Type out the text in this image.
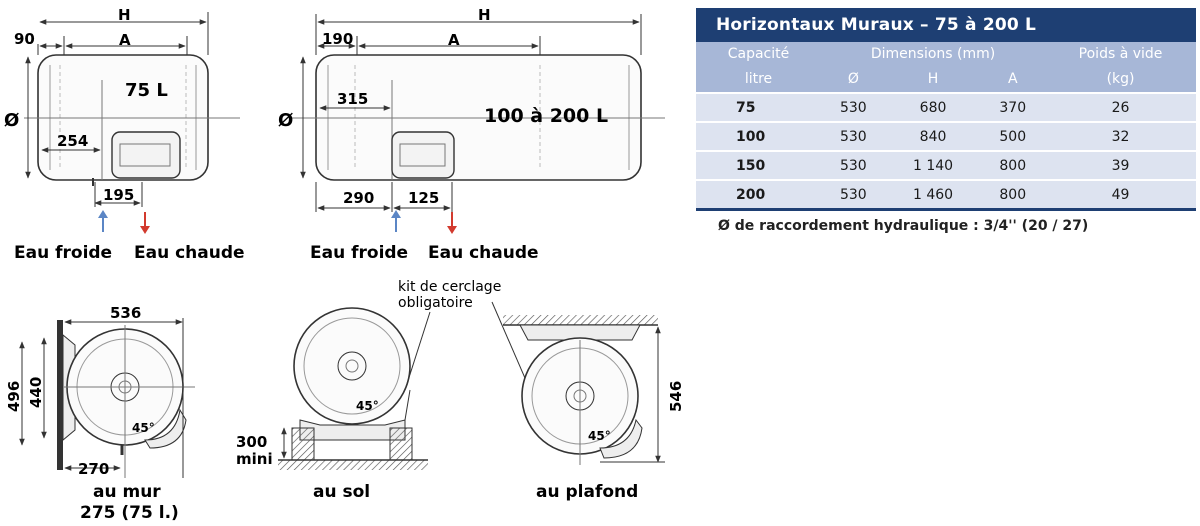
H
A
90
75 L
Ø
254
195
Eau froide Eau chaude
H
A
190
100 à 200 L
Ø
315
290 125
Eau froide Eau chaude
536
496 440
270
45°
au mur
275 (75 l.)
45°
300
mini
au sol
kit de cerclage
obligatoire
45°
546
au plafond
Horizontaux Muraux – 75 à 200 L
Capacité	Dimensions (mm)			Poids à vide
litre	Ø	H	A	(kg)
75	530	680	370	26
100	530	840	500	32
150	530	1 140	800	39
200	530	1 460	800	49
Ø de raccordement hydraulique : 3/4'' (20 / 27)
